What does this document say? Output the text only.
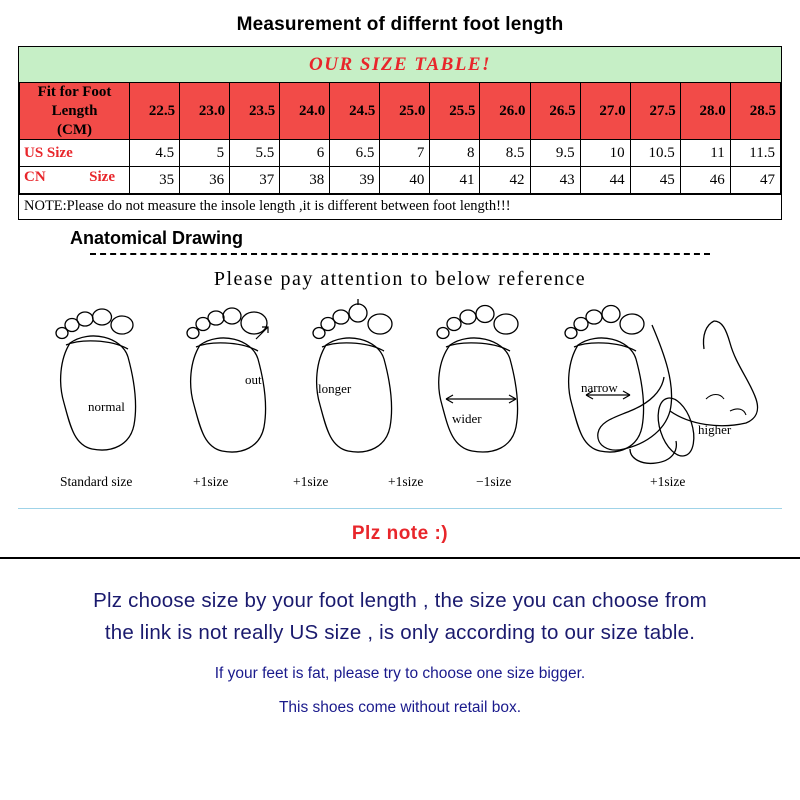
Measurement of differnt foot length
OUR SIZE TABLE!
Fit for Foot
Length
(CM)	22.5	23.0	23.5	24.0	24.5	25.0	25.5	26.0	26.5	27.0	27.5	28.0	28.5
US Size	4.5	5	5.5	6	6.5	7	8	8.5	9.5	10	10.5	11	11.5

CN Size	35	36	37	38	39	40	41	42	43	44	45	46	47
NOTE:Please do not measure the insole length ,it is different between foot length!!!
Anatomical Drawing
Please pay attention to below reference
normal
out
longer
wider
narrow
higher
Standard size	+1size	+1size	+1size	−1size	+1size
Plz note :)
Plz choose size by your foot length , the size you can choose from
the link is not really US size , is only according to our size table.
If your feet is fat, please try to choose one size bigger.
This shoes come without retail box.
